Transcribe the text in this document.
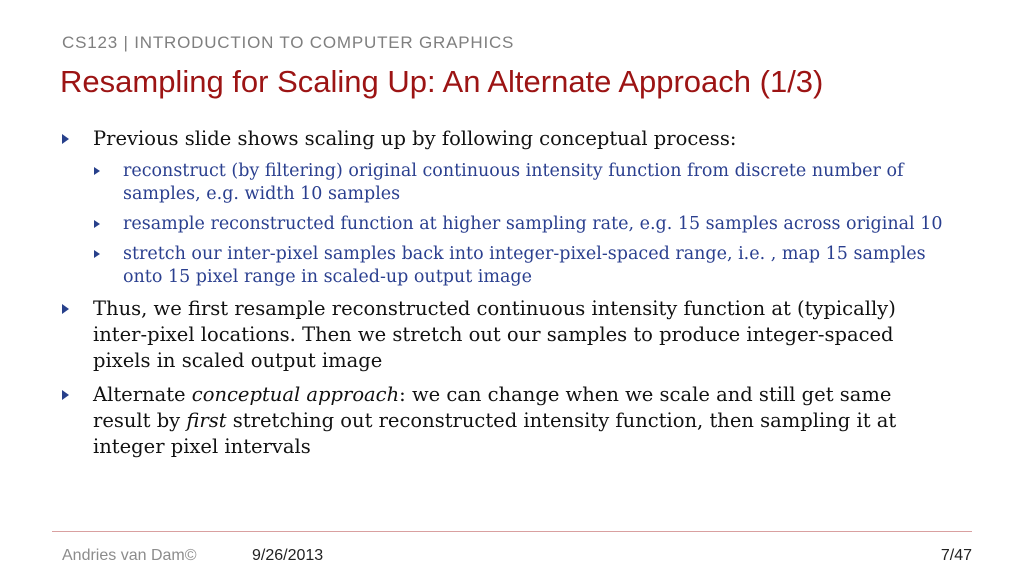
CS123 | INTRODUCTION TO COMPUTER GRAPHICS
Resampling for Scaling Up: An Alternate Approach (1/3)
Previous slide shows scaling up by following conceptual process:
reconstruct (by filtering) original continuous intensity function from discrete number of samples, e.g. width 10 samples
resample reconstructed function at higher sampling rate, e.g. 15 samples across original 10
stretch our inter-pixel samples back into integer-pixel-spaced range, i.e. , map 15 samples onto 15 pixel range in scaled-up output image
Thus, we first resample reconstructed continuous intensity function at (typically) inter-pixel locations. Then we stretch out our samples to produce integer-spaced pixels in scaled output image
Alternate conceptual approach: we can change when we scale and still get same result by first stretching out reconstructed intensity function, then sampling it at integer pixel intervals
Andries van Dam©	9/26/2013	7/47
